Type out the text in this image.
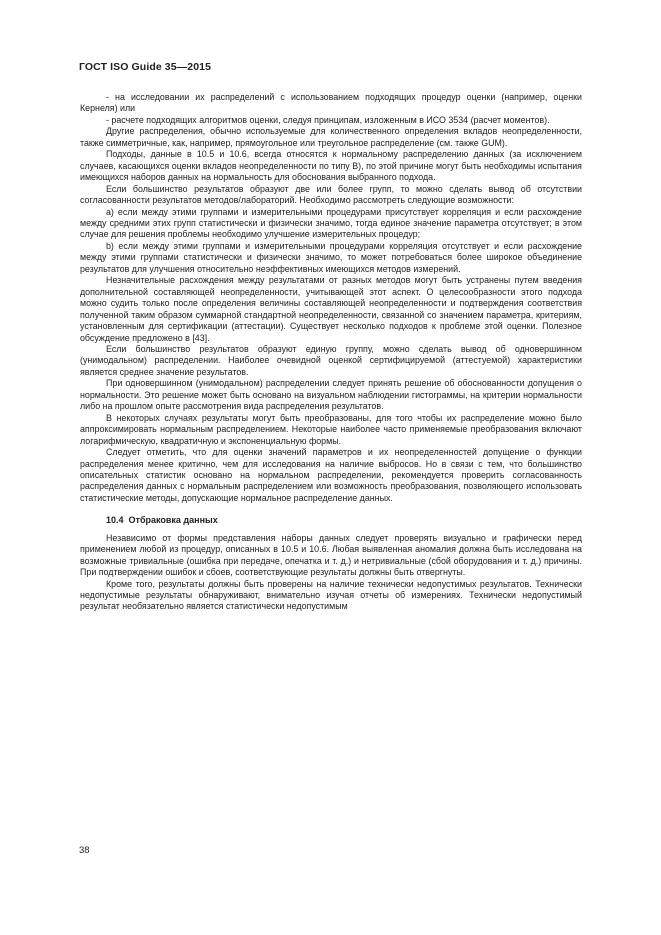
ГОСТ ISO Guide 35—2015

- на исследовании их распределений с использованием подходящих процедур оценки (например, оценки Кернеля) или

- расчете подходящих алгоритмов оценки, следуя принципам, изложенным в ИСО 3534 (расчет моментов).

Другие распределения, обычно используемые для количественного определения вкладов неопределенности, также симметричные, как, например, прямоугольное или треугольное распределение (см. также GUM).

Подходы, данные в 10.5 и 10.6, всегда относятся к нормальному распределению данных (за исключением случаев, касающихся оценки вкладов неопределенности по типу B), по этой причине могут быть необходимы испытания имеющихся наборов данных на нормальность для обоснования выбранного подхода.

Если большинство результатов образуют две или более групп, то можно сделать вывод об отсутствии согласованности результатов методов/лабораторий. Необходимо рассмотреть следующие возможности:

a) если между этими группами и измерительными процедурами присутствует корреляция и если расхождение между средними этих групп статистически и физически значимо, тогда единое значение параметра отсутствует; в этом случае для решения проблемы необходимо улучшение измерительных процедур;

b) если между этими группами и измерительными процедурами корреляция отсутствует и если расхождение между этими группами статистически и физически значимо, то может потребоваться более широкое объединение результатов для улучшения относительно неэффективных имеющихся методов измерений.

Незначительные расхождения между результатами от разных методов могут быть устранены путем введения дополнительной составляющей неопределенности, учитывающей этот аспект. О целесообразности этого подхода можно судить только после определения величины составляющей неопределенности и подтверждения соответствия полученной таким образом суммарной стандартной неопределенности, связанной со значением параметра, критериям, установленным для сертификации (аттестации). Существует несколько подходов к проблеме этой оценки. Полезное обсуждение предложено в [43].

Если большинство результатов образуют единую группу, можно сделать вывод об одновершинном (унимодальном) распределении. Наиболее очевидной оценкой сертифицируемой (аттестуемой) характеристики является среднее значение результатов.

При одновершинном (унимодальном) распределении следует принять решение об обоснованности допущения о нормальности. Это решение может быть основано на визуальном наблюдении гистограммы, на критерии нормальности либо на прошлом опыте рассмотрения вида распределения результатов.

В некоторых случаях результаты могут быть преобразованы, для того чтобы их распределение можно было аппроксимировать нормальным распределением. Некоторые наиболее часто применяемые преобразования включают логарифмическую, квадратичную и экспоненциальную формы.

Следует отметить, что для оценки значений параметров и их неопределенностей допущение о функции распределения менее критично, чем для исследования на наличие выбросов. Но в связи с тем, что большинство описательных статистик основано на нормальном распределении, рекомендуется проверить согласованность распределения данных с нормальным распределением или возможность преобразования, позволяющего использовать статистические методы, допускающие нормальное распределение данных.

10.4 Отбраковка данных

Независимо от формы представления наборы данных следует проверять визуально и графически перед применением любой из процедур, описанных в 10.5 и 10.6. Любая выявленная аномалия должна быть исследована на возможные тривиальные (ошибка при передаче, опечатка и т. д.) и нетривиальные (сбой оборудования и т. д.) причины. При подтверждении ошибок и сбоев, соответствующие результаты должны быть отвергнуты.

Кроме того, результаты должны быть проверены на наличие технически недопустимых результатов. Технически недопустимые результаты обнаруживают, внимательно изучая отчеты об измерениях. Технически недопустимый результат необязательно является статистически недопустимым

38
